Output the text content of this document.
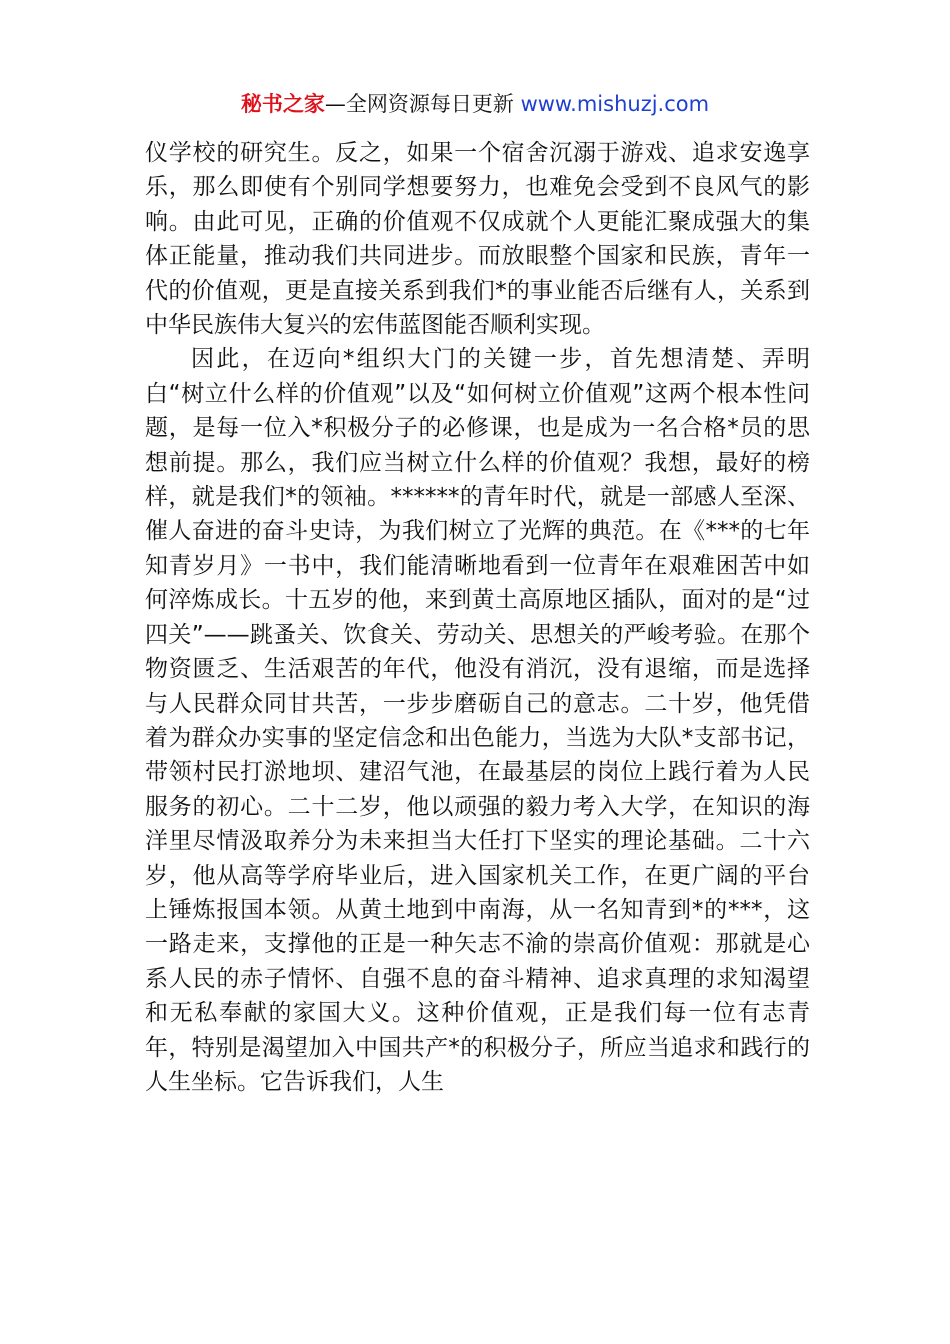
秘书之家—全网资源每日更新 www.mishuzj.com

仪学校的研究生。反之，如果一个宿舍沉溺于游戏、追求安逸享乐，那么即使有个别同学想要努力，也难免会受到不良风气的影响。由此可见，正确的价值观不仅成就个人更能汇聚成强大的集体正能量，推动我们共同进步。而放眼整个国家和民族，青年一代的价值观，更是直接关系到我们*的事业能否后继有人，关系到中华民族伟大复兴的宏伟蓝图能否顺利实现。

因此，在迈向*组织大门的关键一步，首先想清楚、弄明白“树立什么样的价值观”以及“如何树立价值观”这两个根本性问题，是每一位入*积极分子的必修课，也是成为一名合格*员的思想前提。那么，我们应当树立什么样的价值观？我想，最好的榜样，就是我们*的领袖。******的青年时代，就是一部感人至深、催人奋进的奋斗史诗，为我们树立了光辉的典范。在《***的七年知青岁月》一书中，我们能清晰地看到一位青年在艰难困苦中如何淬炼成长。十五岁的他，来到黄土高原地区插队，面对的是“过四关”——跳蚤关、饮食关、劳动关、思想关的严峻考验。在那个物资匮乏、生活艰苦的年代，他没有消沉，没有退缩，而是选择与人民群众同甘共苦，一步步磨砺自己的意志。二十岁，他凭借着为群众办实事的坚定信念和出色能力，当选为大队*支部书记，带领村民打淤地坝、建沼气池，在最基层的岗位上践行着为人民服务的初心。二十二岁，他以顽强的毅力考入大学，在知识的海洋里尽情汲取养分为未来担当大任打下坚实的理论基础。二十六岁，他从高等学府毕业后，进入国家机关工作，在更广阔的平台上锤炼报国本领。从黄土地到中南海，从一名知青到*的***，这一路走来，支撑他的正是一种矢志不渝的崇高价值观：那就是心系人民的赤子情怀、自强不息的奋斗精神、追求真理的求知渴望和无私奉献的家国大义。这种价值观，正是我们每一位有志青年，特别是渴望加入中国共产*的积极分子，所应当追求和践行的人生坐标。它告诉我们，人生
